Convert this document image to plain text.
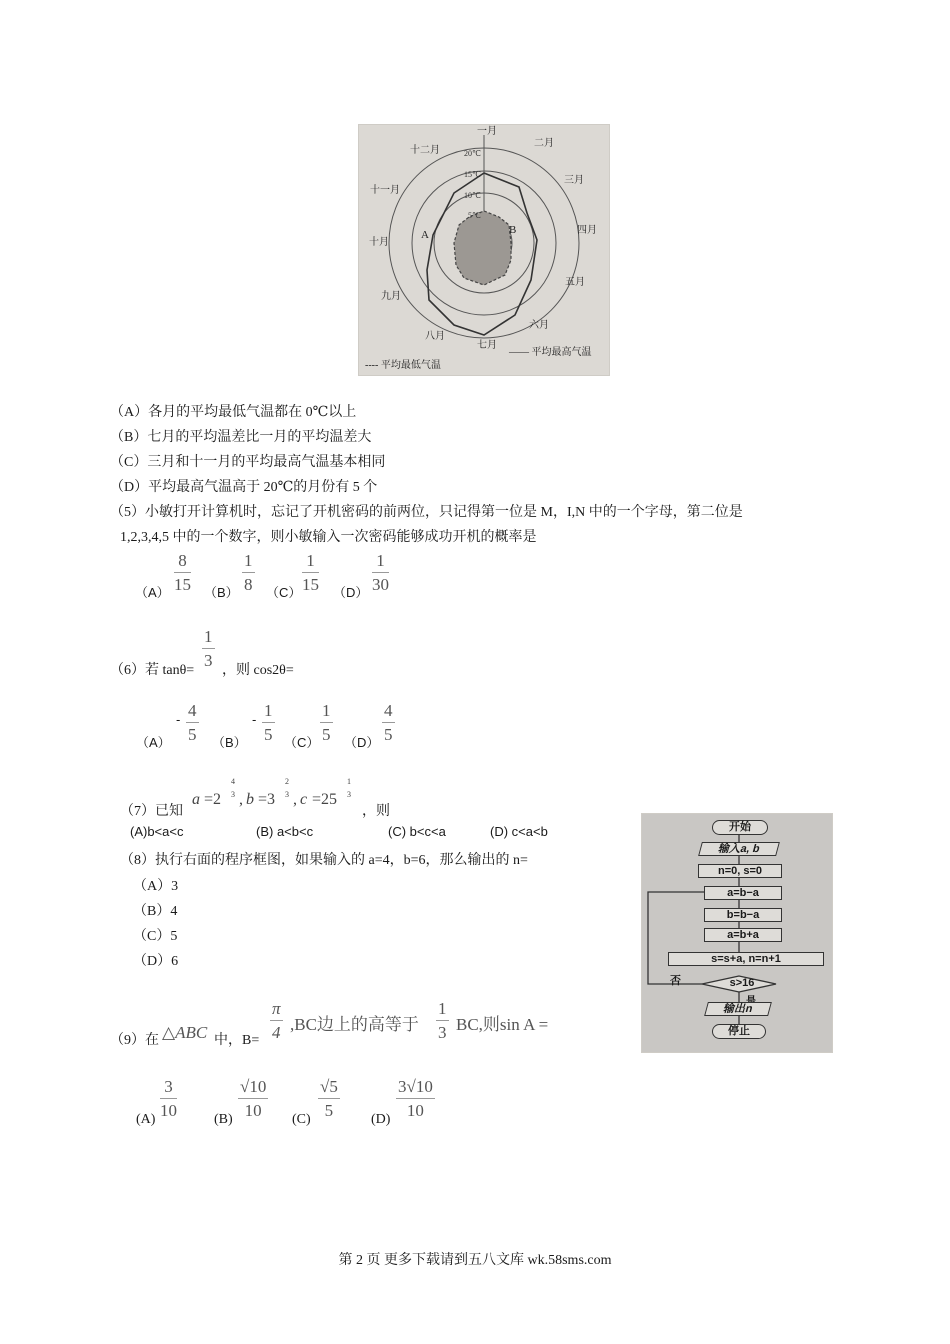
一月
二月
三月
四月
五月
六月
七月
八月
九月
十月
十一月
十二月
5℃
10℃
15℃
20℃
A	B
---- 平均最低气温
—— 平均最高气温
（A）各月的平均最低气温都在 0℃以上
（B）七月的平均温差比一月的平均温差大
（C）三月和十一月的平均最高气温基本相同
（D）平均最高气温高于 20℃的月份有 5 个
（5）小敏打开计算机时，忘记了开机密码的前两位，只记得第一位是 M，I,N 中的一个字母，第二位是
1,2,3,4,5 中的一个数字，则小敏输入一次密码能够成功开机的概率是
$(A) \frac{8}{15} (B) \frac{1}{8} (C) \frac{1}{15} (D) \frac{1}{30}$
（6）若 tanθ=
$\frac{1}{3}$
，则 cos2θ=
（A）
- $\frac{4}{5} (B)$
- $\frac{1}{5} (C) \frac{1}{5} (D) \frac{4}{5}$
（7）已知
a =2
4
3 , b =3
2
3 , c =25
1
3
，则
(A)b<a<c	(B) a<b<c	(C) b<c<a	(D) c<a<b
（8）执行右面的程序框图，如果输入的 a=4，b=6，那么输出的 n=
（A）3
（B）4
（C）5
（D）6
开始
输入a, b
n=0, s=0
a=b−a
b=b−a
a=b+a
s=s+a, n=n+1
s>16
否
输出n
停止
（9）在 △ABC 中，$B= \frac{\pi}{4} ,BC$边上的高等于 $\frac{1}{3}$ BC,则sin A =
(A)
$\frac{3}{10}$
(B)
$\frac{√10}{10}$
(C)
$\frac{√5}{5}$
(D)
$\frac{3√10}{10}$
第 2 页 更多下载请到五八文库 wk.58sms.com
